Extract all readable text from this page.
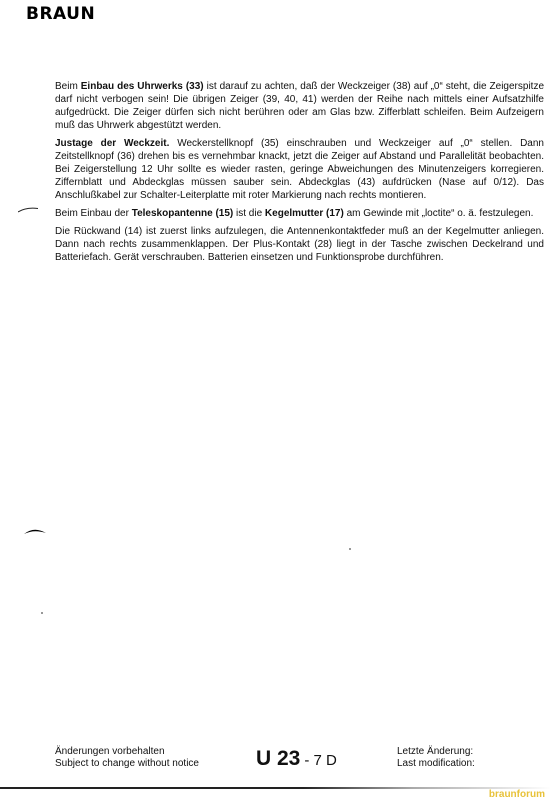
BRAUN

Beim Einbau des Uhrwerks (33) ist darauf zu achten, daß der Weckzeiger (38) auf „0“ steht, die Zeigerspitze darf nicht verbogen sein! Die übrigen Zeiger (39, 40, 41) werden der Reihe nach mittels einer Aufsatzhilfe aufgedrückt. Die Zeiger dürfen sich nicht berühren oder am Glas bzw. Zifferblatt schleifen. Beim Aufzeigern muß das Uhrwerk abgestützt werden.

Justage der Weckzeit. Weckerstellknopf (35) einschrauben und Weckzeiger auf „0“ stellen. Dann Zeitstellknopf (36) drehen bis es vernehmbar knackt, jetzt die Zeiger auf Abstand und Parallelität beobachten. Bei Zeigerstellung 12 Uhr sollte es wieder rasten, geringe Abweichungen des Minutenzeigers korregieren. Ziffernblatt und Abdeckglas müssen sauber sein. Abdeckglas (43) aufdrücken (Nase auf 0/12). Das Anschlußkabel zur Schalter-Leiterplatte mit roter Markierung nach rechts montieren.

Beim Einbau der Teleskopantenne (15) ist die Kegelmutter (17) am Gewinde mit „loctite“ o. ä. festzulegen.

Die Rückwand (14) ist zuerst links aufzulegen, die Antennenkontaktfeder muß an der Kegelmutter anliegen. Dann nach rechts zusammenklappen. Der Plus-Kontakt (28) liegt in der Tasche zwischen Deckelrand und Batteriefach. Gerät verschrauben. Batterien einsetzen und Funktionsprobe durchführen.

Änderungen vorbehalten
Subject to change without notice	U 23 - 7 D
Letzte Änderung:
Last modification:
braunforum
